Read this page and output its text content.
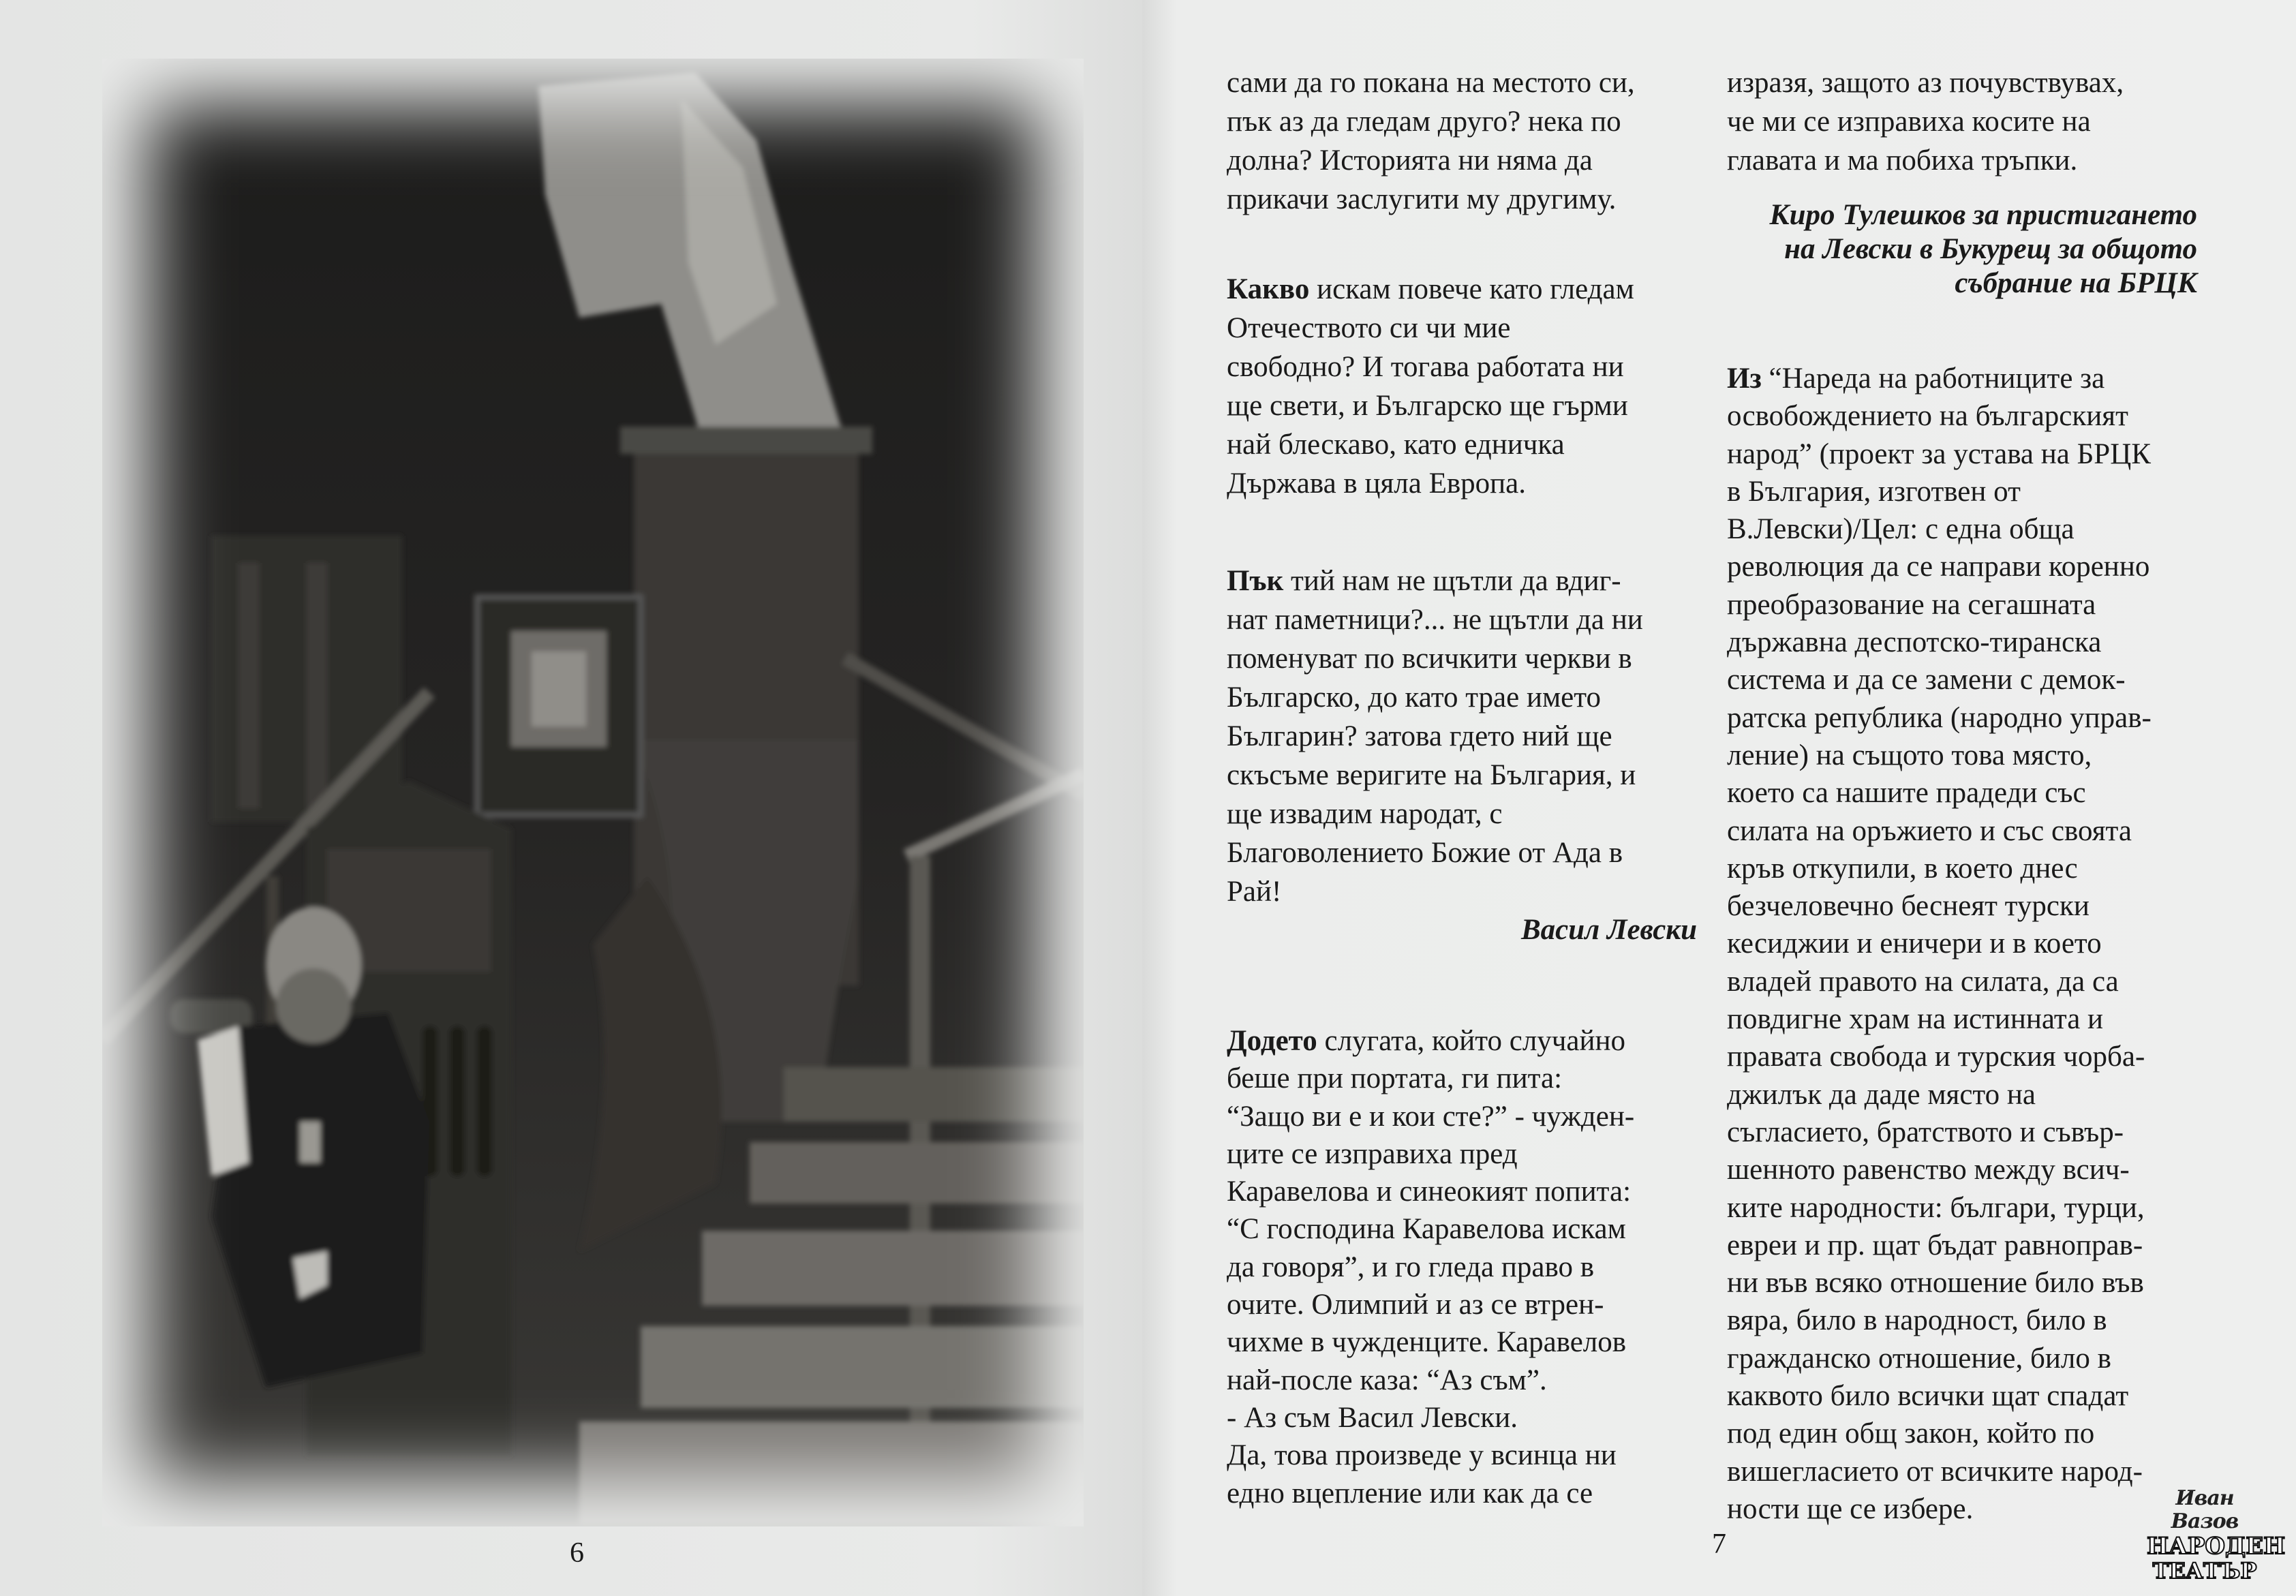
6
сами да го покана на местото си,
пък аз да гледам друго? нека по
долна? Историята ни няма да
прикачи заслугити му другиму.
Какво искам повече като гледам
Отечеството си чи мие
свободно? И тогава работата ни
ще свети, и Българско ще гърми
най блескаво, като едничка
Държава в цяла Европа.
Пък тий нам не щътли да вдиг-
нат паметници?... не щътли да ни
поменуват по всичкити черкви в
Българско, до като трае името
Българин? затова гдето ний ще
скъсъме веригите на България, и
ще извадим народат, с
Благоволението Божие от Ада в
Рай!
Васил Левски
Додето слугата, който случайно
беше при портата, ги пита:
“Защо ви е и кои сте?” - чужден-
ците се изправиха пред
Каравелова и синеокият попита:
“С господина Каравелова искам
да говоря”, и го гледа право в
очите. Олимпий и аз се втрен-
чихме в чужденците. Каравелов
най-после каза: “Аз съм”.
- Аз съм Васил Левски.
Да, това произведе у всинца ни
едно вцепление или как да се
изразя, защото аз почувствувах,
че ми се изправиха косите на
главата и ма побиха тръпки.
Киро Тулешков за пристигането
на Левски в Букурещ за общото
събрание на БРЦК
Из “Нареда на работниците за
освобождението на българският
народ” (проект за устава на БРЦК
в България, изготвен от
В.Левски)/Цел: с една обща
революция да се направи коренно
преобразование на сегашната
държавна деспотско-тиранска
система и да се замени с демок-
ратска република (народно управ-
ление) на същото това място,
което са нашите прадеди със
силата на оръжието и със своята
кръв откупили, в което днес
безчеловечно беснеят турски
кесиджии и еничери и в което
владей правото на силата, да са
повдигне храм на истинната и
правата свобода и турския чорба-
джилък да даде място на
съгласието, братството и съвър-
шенното равенство между всич-
ките народности: българи, турци,
евреи и пр. щат бъдат равноправ-
ни във всяко отношение било във
вяра, било в народност, било в
гражданско отношение, било в
каквото било всички щат спадат
под един общ закон, който по
вишегласието от всичките народ-
ности ще се избере.
7
Иван Вазов
НАРОДЕН
ТЕАТЪР
